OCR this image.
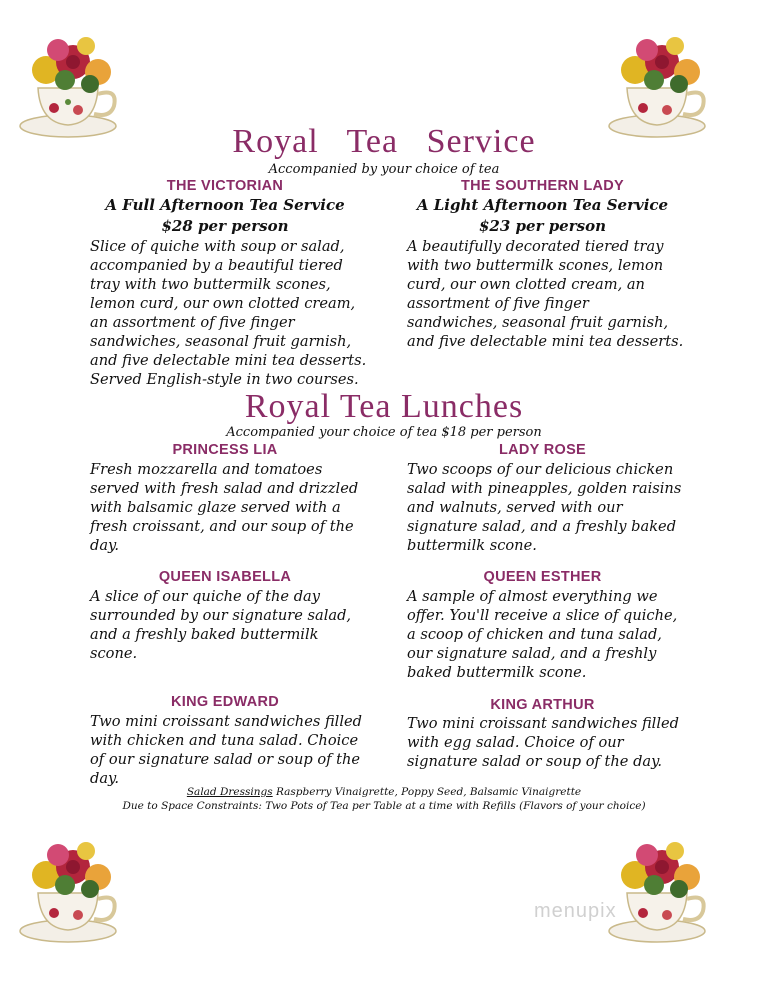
Royal   Tea   Service
Accompanied by your choice of tea
THE VICTORIAN
A Full Afternoon Tea Service
$28 per person
Slice of quiche with soup or salad,
accompanied by a beautiful tiered
tray with two buttermilk scones,
lemon curd, our own clotted cream,
an assortment of five finger
sandwiches, seasonal fruit garnish,
and five delectable mini tea desserts.
Served English-style in two courses.
THE SOUTHERN LADY
A Light Afternoon Tea Service
$23 per person
A beautifully decorated tiered tray
with two buttermilk scones, lemon
curd, our own clotted cream, an
assortment of five finger
sandwiches, seasonal fruit garnish,
and five delectable mini tea desserts.
Royal Tea Lunches
Accompanied your choice of tea $18 per person
PRINCESS LIA
Fresh mozzarella and tomatoes
served with fresh salad and drizzled
with balsamic glaze served with a
fresh croissant, and our soup of the
day.
LADY ROSE
Two scoops of our delicious chicken
salad with pineapples, golden raisins
and walnuts, served with our
signature salad, and a freshly baked
buttermilk scone.
QUEEN ISABELLA
A slice of our quiche of the day
surrounded by our signature salad,
and a freshly baked buttermilk
scone.
QUEEN ESTHER
A sample of almost everything we
offer. You'll receive a slice of quiche,
a scoop of chicken and tuna salad,
our signature salad, and a freshly
baked buttermilk scone.
KING EDWARD
Two mini croissant sandwiches filled
with chicken and tuna salad. Choice
of our signature salad or soup of the
day.
KING ARTHUR
Two mini croissant sandwiches filled
with egg salad. Choice of our
signature salad or soup of the day.
Salad Dressings Raspberry Vinaigrette, Poppy Seed, Balsamic Vinaigrette
Due to Space Constraints: Two Pots of Tea per Table at a time with Refills (Flavors of your choice)
menupix
